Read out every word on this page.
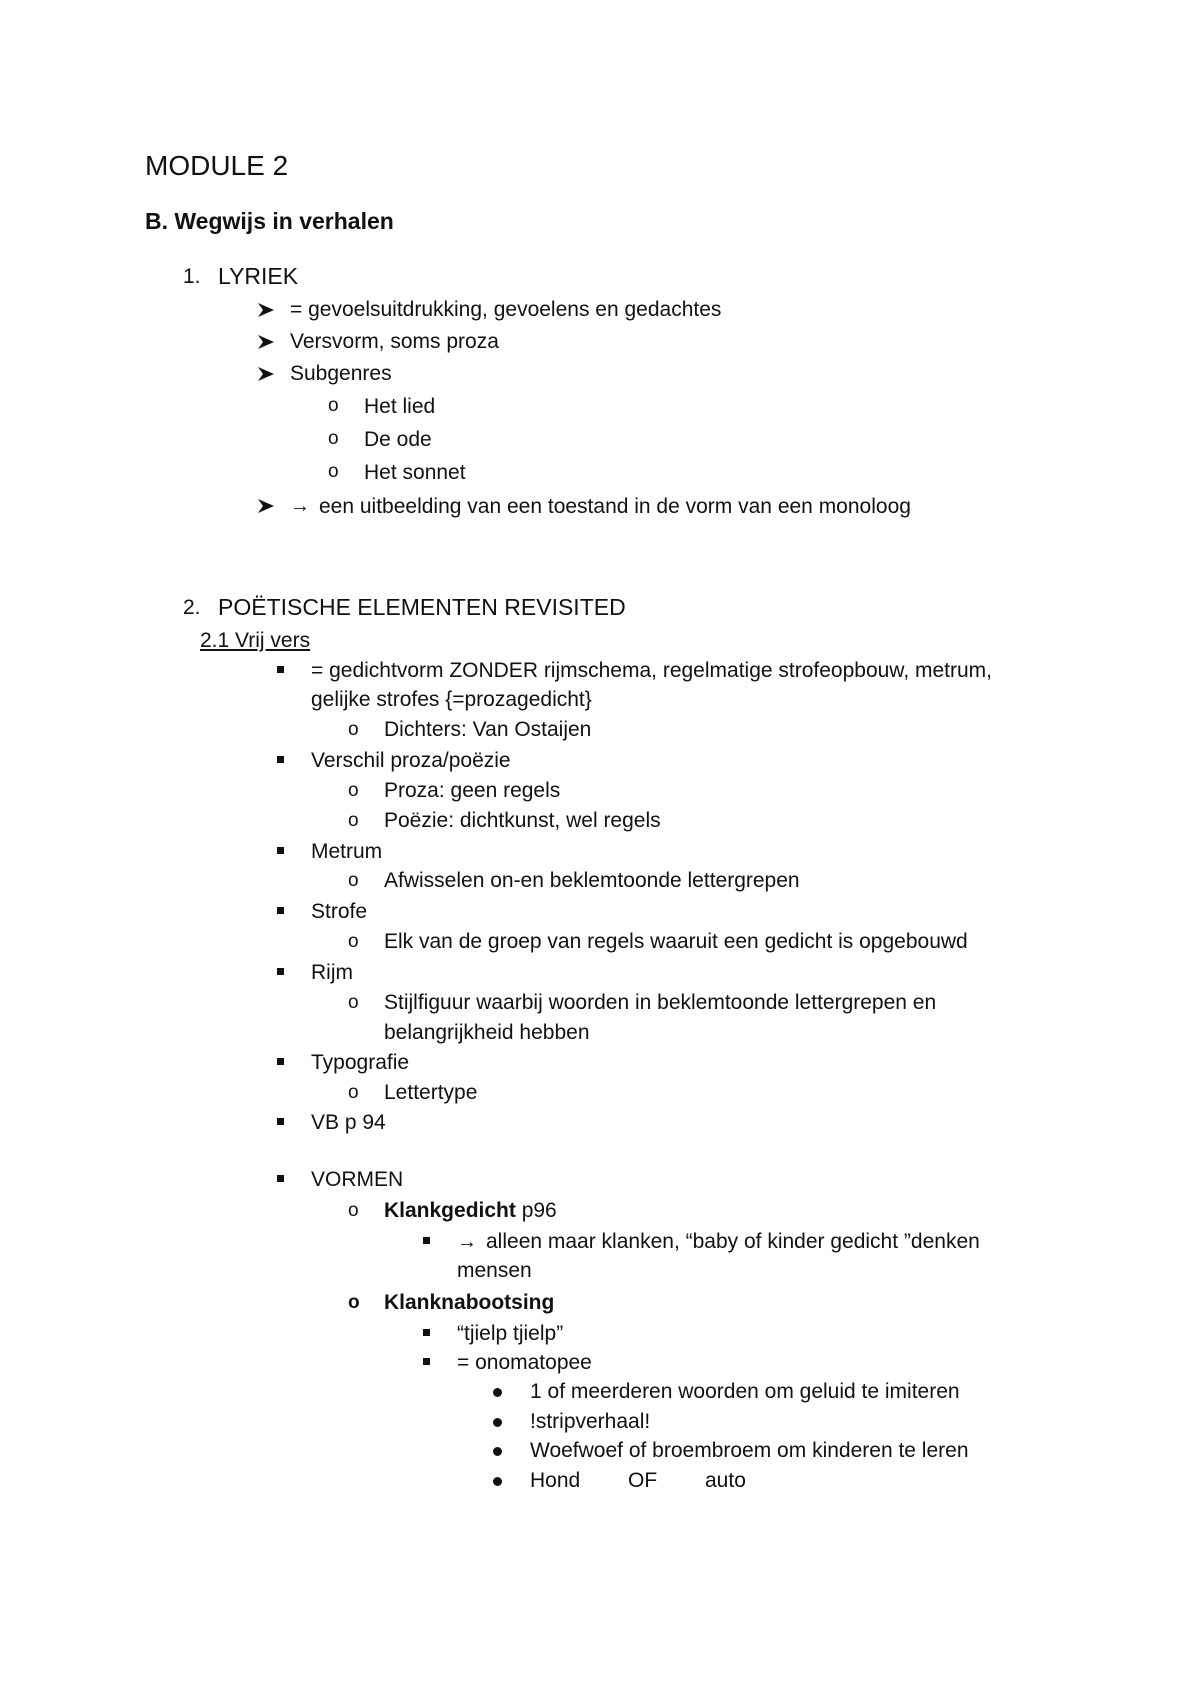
MODULE 2
B. Wegwijs in verhalen
1. LYRIEK
= gevoelsuitdrukking, gevoelens en gedachtes
Versvorm, soms proza
Subgenres
o Het lied
o De ode
o Het sonnet
→ een uitbeelding van een toestand in de vorm van een monoloog
2. POËTISCHE ELEMENTEN REVISITED
2.1 Vrij vers
= gedichtvorm ZONDER rijmschema, regelmatige strofeopbouw, metrum,
gelijke strofes {=prozagedicht}
o Dichters: Van Ostaijen
Verschil proza/poëzie
o Proza: geen regels
o Poëzie: dichtkunst, wel regels
Metrum
o Afwisselen on-en beklemtoonde lettergrepen
Strofe
o Elk van de groep van regels waaruit een gedicht is opgebouwd
Rijm
o Stijlfiguur waarbij woorden in beklemtoonde lettergrepen en
belangrijkheid hebben
Typografie
o Lettertype
VB p 94
VORMEN
o Klankgedicht p96
→ alleen maar klanken, “baby of kinder gedicht ”denken
mensen
o Klanknabootsing
“tjielp tjielp”
= onomatopee
1 of meerderen woorden om geluid te imiteren
!stripverhaal!
Woefwoef of broembroem om kinderen te leren
Hond OF auto
